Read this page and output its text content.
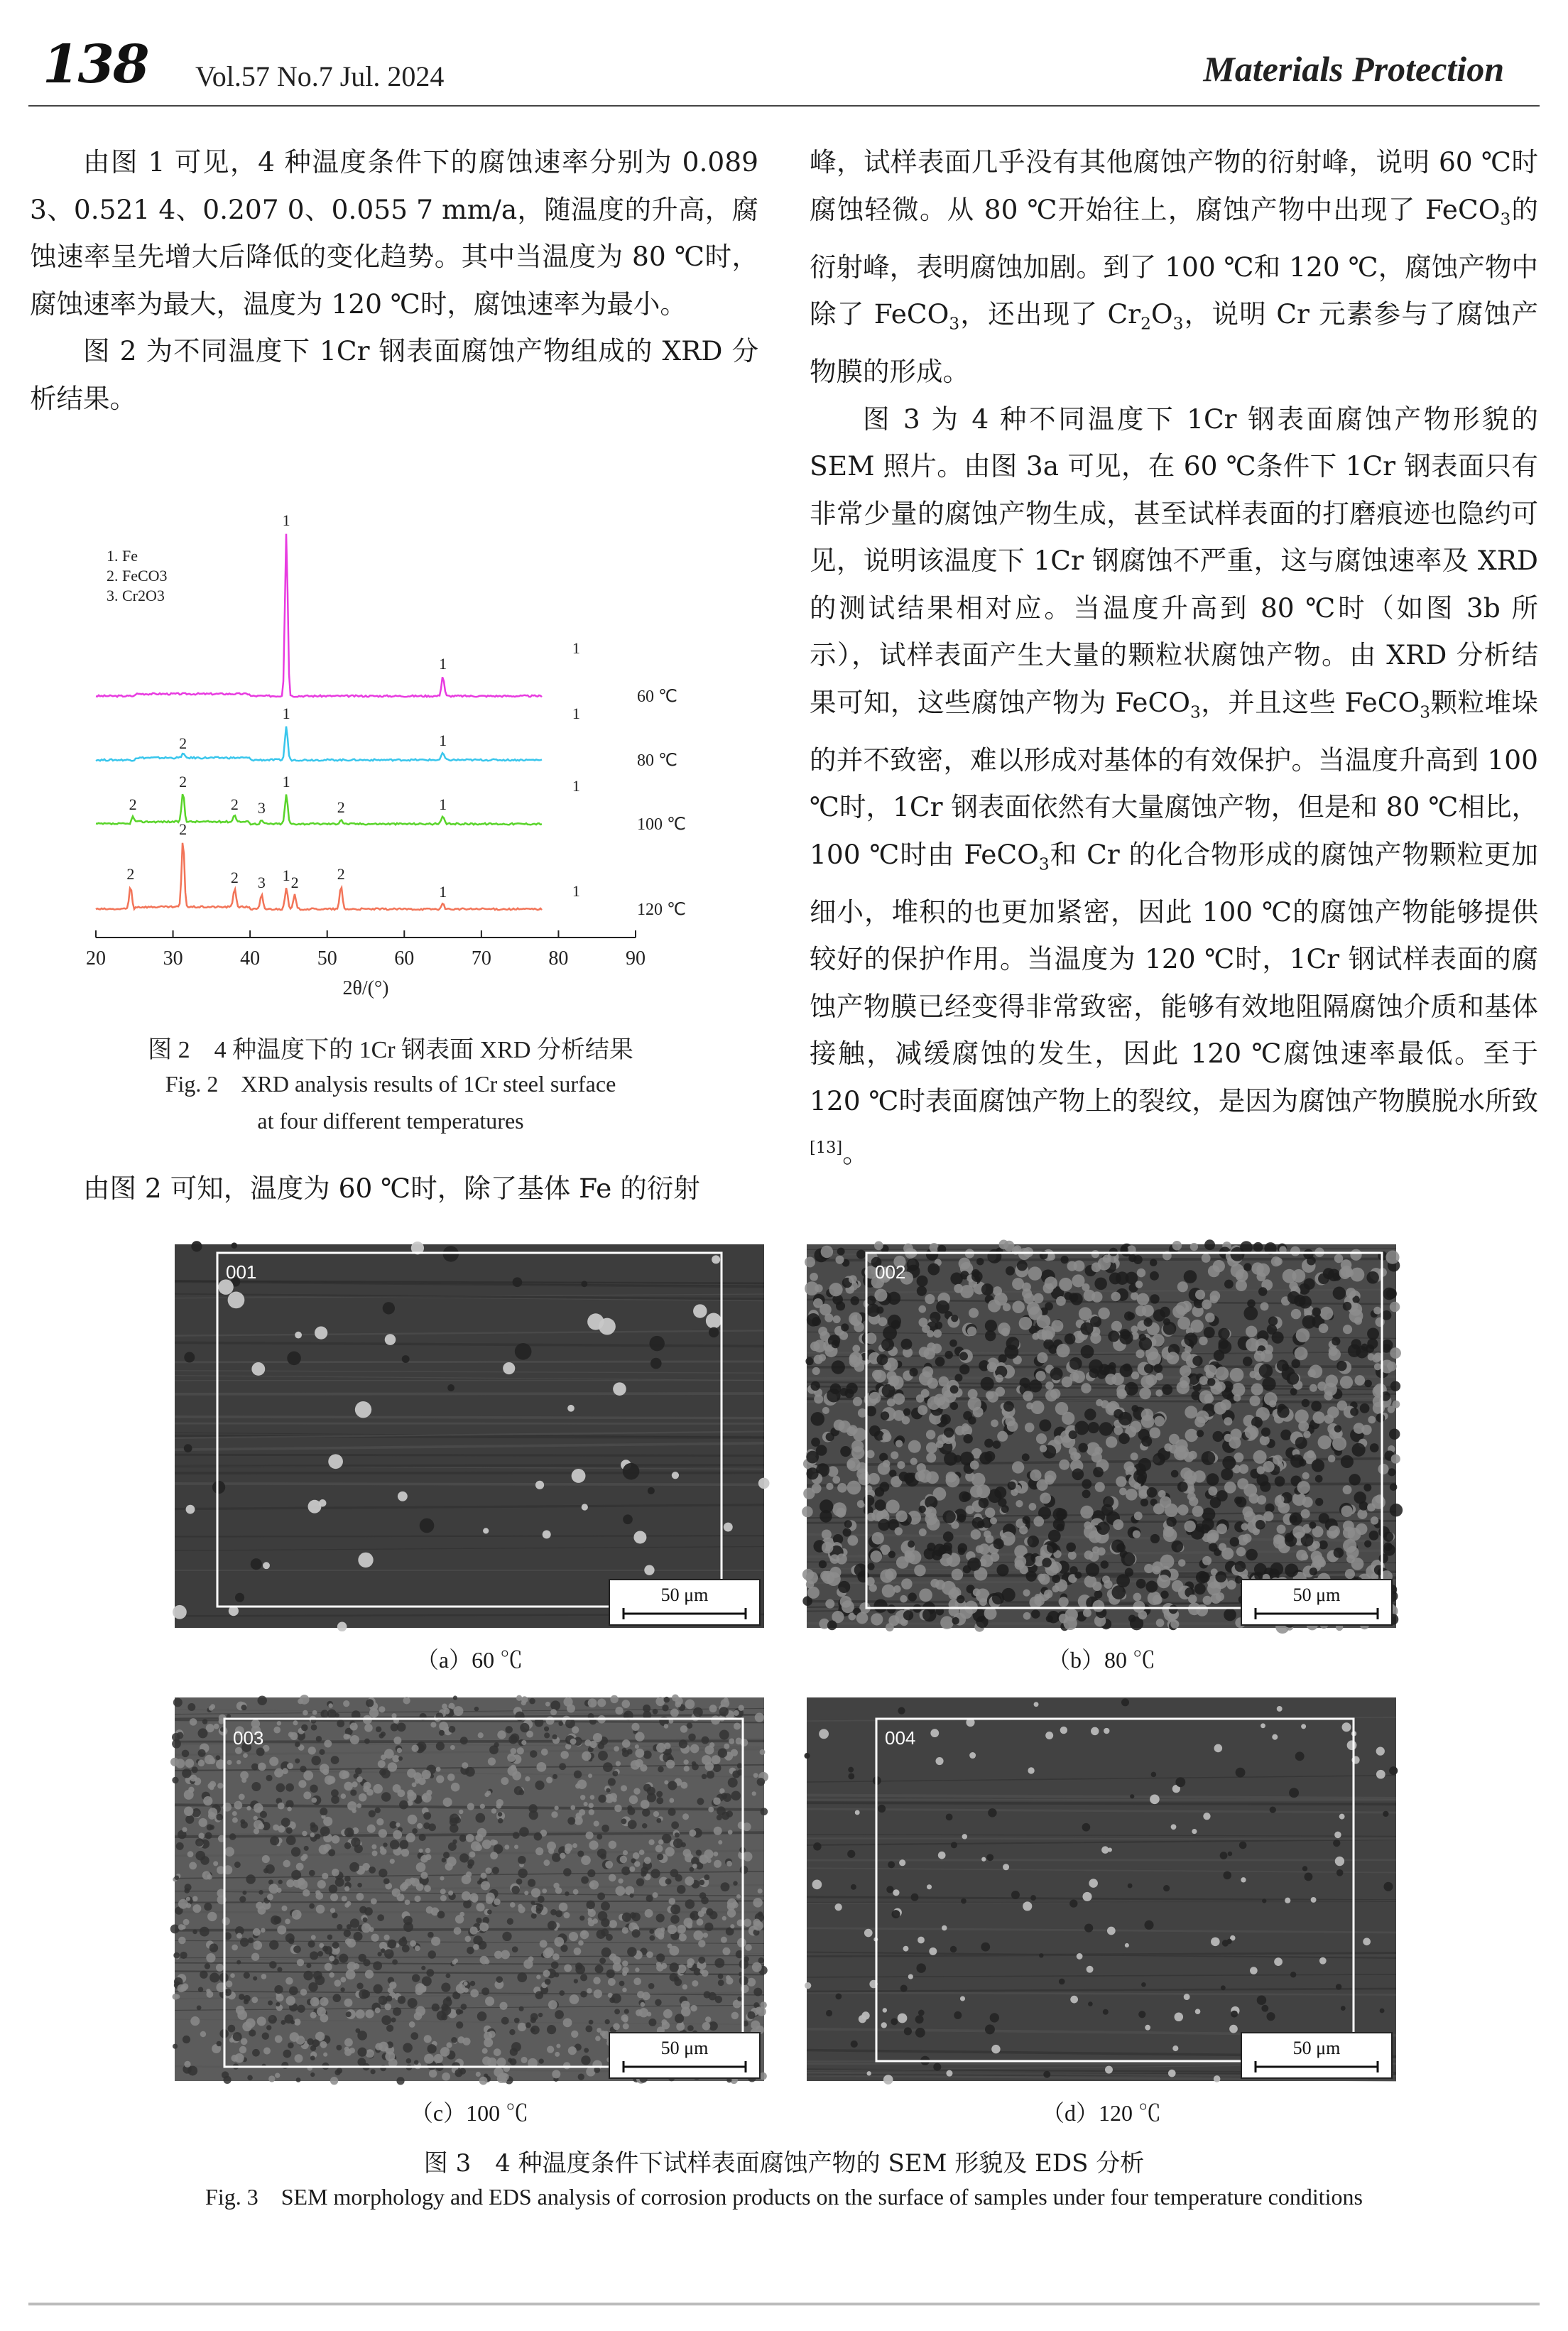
138 Vol.57 No.7 Jul. 2024	Materials Protection

由图 1 可见，4 种温度条件下的腐蚀速率分别为 0.089 3、0.521 4、0.207 0、0.055 7 mm/a，随温度的升高，腐蚀速率呈先增大后降低的变化趋势。其中当温度为 80 ℃时，腐蚀速率为最大，温度为 120 ℃时，腐蚀速率为最小。

图 2 为不同温度下 1Cr 钢表面腐蚀产物组成的 XRD 分析结果。

20	30	40	50	60	70	80	90
2θ/(°)
1. Fe
2. FeCO3
3. Cr2O3
60 ℃
1
1
1
80 ℃
2
1
1
1
100 ℃
2
2
2 3
1
2	1
1
120 ℃
2
2
2 3 1 2 2
1	1
图 2　4 种温度下的 1Cr 钢表面 XRD 分析结果
Fig. 2　XRD analysis results of 1Cr steel surface
at four different temperatures

由图 2 可知，温度为 60 ℃时，除了基体 Fe 的衍射

峰，试样表面几乎没有其他腐蚀产物的衍射峰，说明 60 ℃时腐蚀轻微。从 80 ℃开始往上，腐蚀产物中出现了 FeCO$_3$的衍射峰，表明腐蚀加剧。到了 100 ℃和 120 ℃，腐蚀产物中除了 FeCO$_3$，还出现了 $Cr_2O_3$，说明 Cr 元素参与了腐蚀产物膜的形成。

图 3 为 4 种不同温度下 1Cr 钢表面腐蚀产物形貌的 SEM 照片。由图 3a 可见，在 60 ℃条件下 1Cr 钢表面只有非常少量的腐蚀产物生成，甚至试样表面的打磨痕迹也隐约可见，说明该温度下 1Cr 钢腐蚀不严重，这与腐蚀速率及 XRD 的测试结果相对应。当温度升高到 80 ℃时（如图 3b 所示），试样表面产生大量的颗粒状腐蚀产物。由 XRD 分析结果可知，这些腐蚀产物为 FeCO$_3$，并且这些 FeCO$_3$颗粒堆垛的并不致密，难以形成对基体的有效保护。当温度升高到 100 ℃时，1Cr 钢表面依然有大量腐蚀产物，但是和 80 ℃相比，100 ℃时由 FeCO$_3$和 Cr 的化合物形成的腐蚀产物颗粒更加细小，堆积的也更加紧密，因此 100 ℃的腐蚀产物能够提供较好的保护作用。当温度为 120 ℃时，1Cr 钢试样表面的腐蚀产物膜已经变得非常致密，能够有效地阻隔腐蚀介质和基体接触，减缓腐蚀的发生，因此 120 ℃腐蚀速率最低。至于 120 ℃时表面腐蚀产物上的裂纹，是因为腐蚀产物膜脱水所致[13]。

001
50 μm
002
50 μm
003
50 μm
004
50 μm
（a）60 ℃	（b）80 ℃
（c）100 ℃	（d）120 ℃
图 3　4 种温度条件下试样表面腐蚀产物的 SEM 形貌及 EDS 分析
Fig. 3　SEM morphology and EDS analysis of corrosion products on the surface of samples under four temperature conditions
